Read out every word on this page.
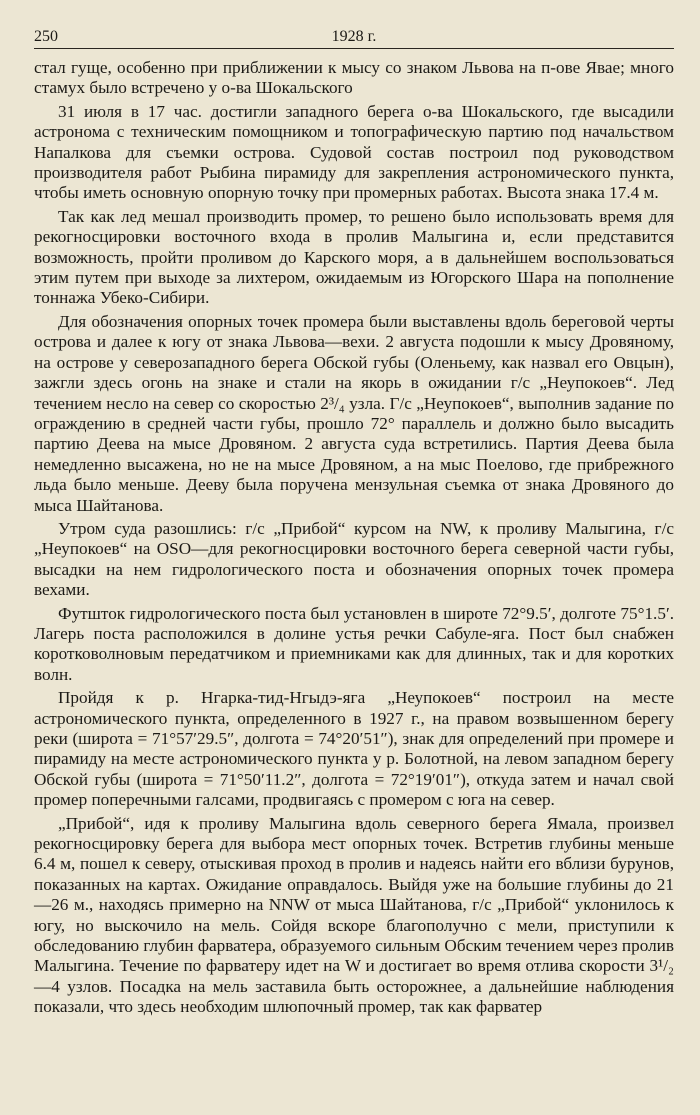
250	1928 г.

стал гуще, особенно при приближении к мысу со знаком Львова на п-ове Явае; много стамух было встречено у о-ва Шокальского

31 июля в 17 час. достигли западного берега о-ва Шокальского, где высадили астронома с техническим помощником и топографическую партию под начальством Напалкова для съемки острова. Судовой состав построил под руководством производителя работ Рыбина пирамиду для закрепления астрономического пункта, чтобы иметь основную опорную точку при промерных работах. Высота знака 17.4 м.

Так как лед мешал производить промер, то решено было использовать время для рекогносцировки восточного входа в пролив Малыгина и, если представится возможность, пройти проливом до Карского моря, а в дальнейшем воспользоваться этим путем при выходе за лихтером, ожидаемым из Югорского Шара на пополнение тоннажа Убеко-Сибири.

Для обозначения опорных точек промера были выставлены вдоль береговой черты острова и далее к югу от знака Львова—вехи. 2 августа подошли к мысу Дровяному, на острове у северозападного берега Обской губы (Оленьему, как назвал его Овцын), зажгли здесь огонь на знаке и стали на якорь в ожидании г/с „Неупокоев“. Лед течением несло на север со скоростью 2³/₄ узла. Г/с „Неупокоев“, выполнив задание по ограждению в средней части губы, прошло 72° параллель и должно было высадить партию Деева на мысе Дровяном. 2 августа суда встретились. Партия Деева была немедленно высажена, но не на мысе Дровяном, а на мыс Поелово, где прибрежного льда было меньше. Дееву была поручена мензульная съемка от знака Дровяного до мыса Шайтанова.

Утром суда разошлись: г/с „Прибой“ курсом на NW, к проливу Малыгина, г/с „Неупокоев“ на OSO—для рекогносцировки восточного берега северной части губы, высадки на нем гидрологического поста и обозначения опорных точек промера вехами.

Футшток гидрологического поста был установлен в широте 72°9.5′, долготе 75°1.5′. Лагерь поста расположился в долине устья речки Сабуле-яга. Пост был снабжен коротковолновым передатчиком и приемниками как для длинных, так и для коротких волн.

Пройдя к р. Нгарка-тид-Нгыдэ-яга „Неупокоев“ построил на месте астрономического пункта, определенного в 1927 г., на правом возвышенном берегу реки (широта = 71°57′29.5″, долгота = 74°20′51″), знак для определений при промере и пирамиду на месте астрономического пункта у р. Болотной, на левом западном берегу Обской губы (широта = 71°50′11.2″, долгота = 72°19′01″), откуда затем и начал свой промер поперечными галсами, продвигаясь с промером с юга на север.

„Прибой“, идя к проливу Малыгина вдоль северного берега Ямала, произвел рекогносцировку берега для выбора мест опорных точек. Встретив глубины меньше 6.4 м, пошел к северу, отыскивая проход в пролив и надеясь найти его вблизи бурунов, показанных на картах. Ожидание оправдалось. Выйдя уже на большие глубины до 21—26 м., находясь примерно на NNW от мыса Шайтанова, г/с „Прибой“ уклонилось к югу, но выскочило на мель. Сойдя вскоре благополучно с мели, приступили к обследованию глубин фарватера, образуемого сильным Обским течением через пролив Малыгина. Течение по фарватеру идет на W и достигает во время отлива скорости 3¹/₂—4 узлов. Посадка на мель заставила быть осторожнее, а дальнейшие наблюдения показали, что здесь необходим шлюпочный промер, так как фарватер
